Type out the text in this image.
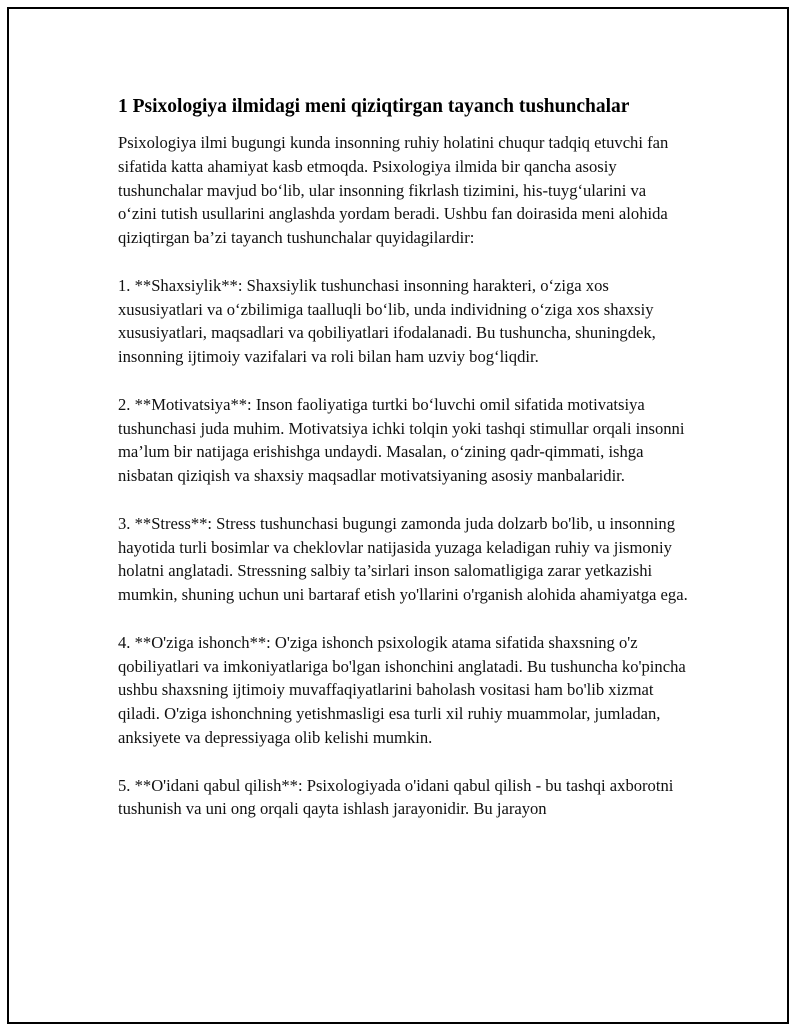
1 Psixologiya ilmidagi meni qiziqtirgan tayanch tushunchalar

Psixologiya ilmi bugungi kunda insonning ruhiy holatini chuqur tadqiq etuvchi fan sifatida katta ahamiyat kasb etmoqda. Psixologiya ilmida bir qancha asosiy tushunchalar mavjud bo‘lib, ular insonning fikrlash tizimini, his-tuyg‘ularini va o‘zini tutish usullarini anglashda yordam beradi. Ushbu fan doirasida meni alohida qiziqtirgan ba’zi tayanch tushunchalar quyidagilardir:

1. **Shaxsiylik**: Shaxsiylik tushunchasi insonning harakteri, o‘ziga xos xususiyatlari va o‘zbilimiga taalluqli bo‘lib, unda individning o‘ziga xos shaxsiy xususiyatlari, maqsadlari va qobiliyatlari ifodalanadi. Bu tushuncha, shuningdek, insonning ijtimoiy vazifalari va roli bilan ham uzviy bog‘liqdir.

2. **Motivatsiya**: Inson faoliyatiga turtki bo‘luvchi omil sifatida motivatsiya tushunchasi juda muhim. Motivatsiya ichki tolqin yoki tashqi stimullar orqali insonni ma’lum bir natijaga erishishga undaydi. Masalan, o‘zining qadr-qimmati, ishga nisbatan qiziqish va shaxsiy maqsadlar motivatsiyaning asosiy manbalaridir.

3. **Stress**: Stress tushunchasi bugungi zamonda juda dolzarb bo'lib, u insonning hayotida turli bosimlar va cheklovlar natijasida yuzaga keladigan ruhiy va jismoniy holatni anglatadi. Stressning salbiy ta’sirlari inson salomatligiga zarar yetkazishi mumkin, shuning uchun uni bartaraf etish yo'llarini o'rganish alohida ahamiyatga ega.

4. **O'ziga ishonch**: O'ziga ishonch psixologik atama sifatida shaxsning o'z qobiliyatlari va imkoniyatlariga bo'lgan ishonchini anglatadi. Bu tushuncha ko'pincha ushbu shaxsning ijtimoiy muvaffaqiyatlarini baholash vositasi ham bo'lib xizmat qiladi. O'ziga ishonchning yetishmasligi esa turli xil ruhiy muammolar, jumladan, anksiyete va depressiyaga olib kelishi mumkin.

5. **O'idani qabul qilish**: Psixologiyada o'idani qabul qilish - bu tashqi axborotni tushunish va uni ong orqali qayta ishlash jarayonidir. Bu jarayon
